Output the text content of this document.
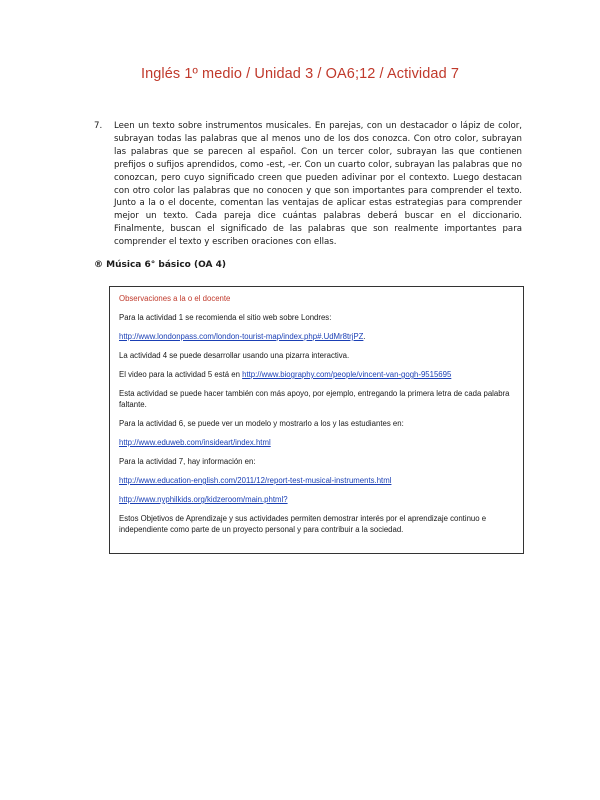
Inglés 1º medio / Unidad 3 / OA6;12 / Actividad 7
7.	Leen un texto sobre instrumentos musicales. En parejas, con un destacador o lápiz de color, subrayan todas las palabras que al menos uno de los dos conozca. Con otro color, subrayan las palabras que se parecen al español. Con un tercer color, subrayan las que contienen prefijos o sufijos aprendidos, como -est, -er. Con un cuarto color, subrayan las palabras que no conozcan, pero cuyo significado creen que pueden adivinar por el contexto. Luego destacan con otro color las palabras que no conocen y que son importantes para comprender el texto. Junto a la o el docente, comentan las ventajas de aplicar estas estrategias para comprender mejor un texto. Cada pareja dice cuántas palabras deberá buscar en el diccionario. Finalmente, buscan el significado de las palabras que son realmente importantes para comprender el texto y escriben oraciones con ellas.
® Música 6° básico (OA 4)
Observaciones a la o el docente
Para la actividad 1 se recomienda el sitio web sobre Londres:
http://www.londonpass.com/london-tourist-map/index.php#.UdMr8trjPZ.
La actividad 4 se puede desarrollar usando una pizarra interactiva.
El video para la actividad 5 está en http://www.biography.com/people/vincent-van-gogh-9515695
Esta actividad se puede hacer también con más apoyo, por ejemplo, entregando la primera letra de cada palabra faltante.
Para la actividad 6, se puede ver un modelo y mostrarlo a los y las estudiantes en:
http://www.eduweb.com/insideart/index.html
Para la actividad 7, hay información en:
http://www.education-english.com/2011/12/report-test-musical-instruments.html
http://www.nyphilkids.org/kidzeroom/main.phtml?
Estos Objetivos de Aprendizaje y sus actividades permiten demostrar interés por el aprendizaje continuo e independiente como parte de un proyecto personal y para contribuir a la sociedad.
